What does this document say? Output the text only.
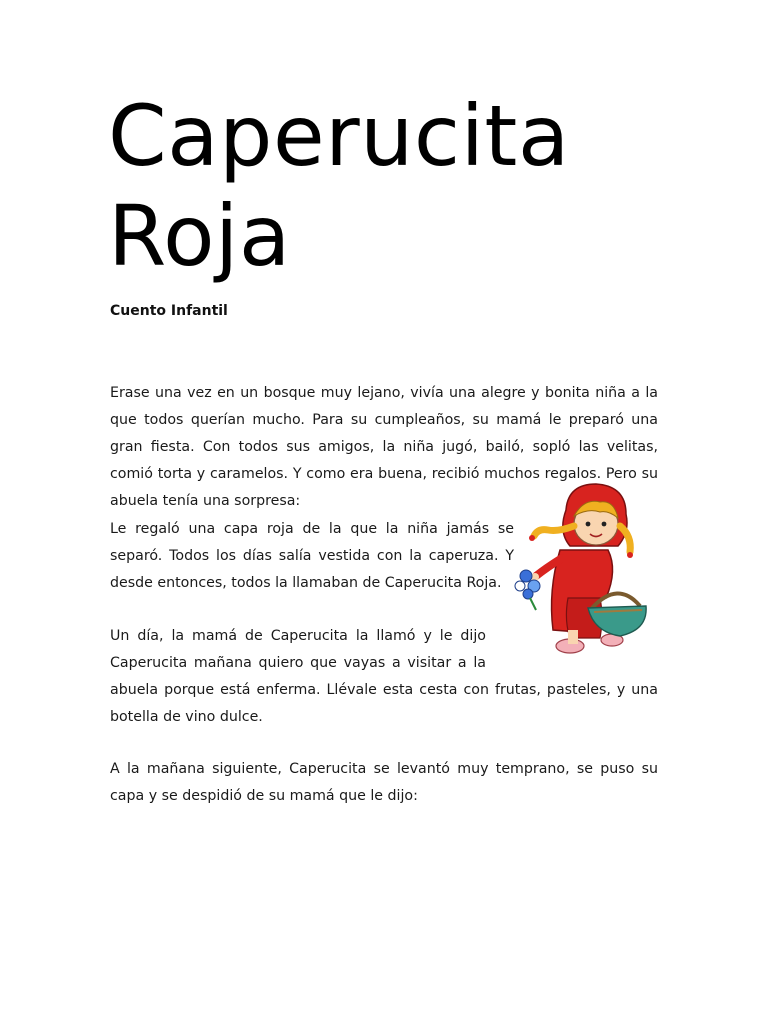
Caperucita
Roja

Cuento Infantil

Erase una vez en un bosque muy lejano, vivía una alegre y bonita niña a la
que todos querían mucho. Para su cumpleaños, su mamá le preparó una
gran fiesta. Con todos sus amigos, la niña jugó, bailó, sopló las velitas,
comió torta y caramelos. Y como era buena, recibió muchos regalos. Pero su
abuela tenía una sorpresa:

Le regaló una capa roja de la que la niña jamás se
separó. Todos los días salía vestida con la caperuza. Y
desde entonces, todos la llamaban de Caperucita Roja.

Un día, la mamá de Caperucita la llamó y le dijo
Caperucita mañana quiero que vayas a visitar a la

abuela porque está enferma. Llévale esta cesta con frutas, pasteles, y una
botella de vino dulce.

A la mañana siguiente, Caperucita se levantó muy temprano, se puso su
capa y se despidió de su mamá que le dijo:
